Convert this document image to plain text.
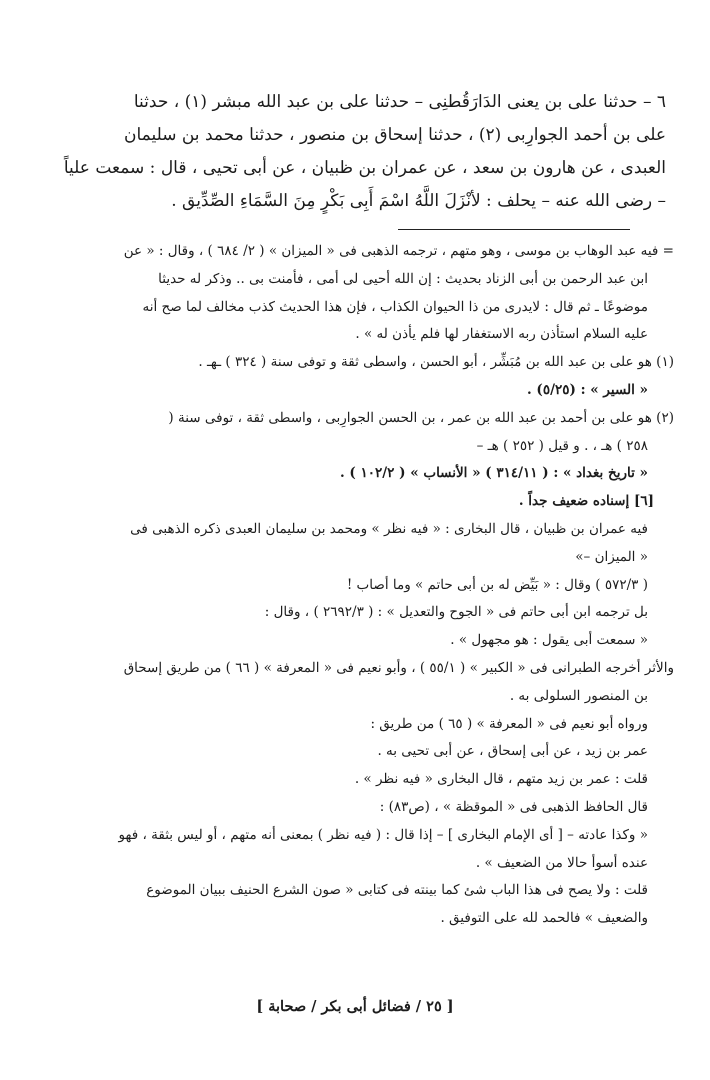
٦ – حدثنا على بن يعنى الدَارَقُطنِى – حدثنا على بن عبد الله مبشر (١) ، حدثنا

على بن أحمد الجوارِبى (٢) ، حدثنا إسحاق بن منصور ، حدثنا محمد بن سليمان

العبدى ، عن هارون بن سعد ، عن عمران بن ظبيان ، عن أبى تحيى ، قال : سمعت علياً

– رضى الله عنه – يحلف : لأنْزَلَ اللَّهُ اسْمَ أَبِى بَكْرٍ مِنَ السَّمَاءِ الصِّدِّيق .

= فيه عبد الوهاب بن موسى ، وهو متهم ، ترجمه الذهبى فى « الميزان » ( ٢/ ٦٨٤ ) ، وقال : « عن

ابن عبد الرحمن بن أبى الزناد بحديث : إن الله أحيى لى أمى ، فأمنت بى .. وذكر له حديثا

موضوعًا ـ ثم قال : لايدرى من ذا الحيوان الكذاب ، فإن هذا الحديث كذب مخالف لما صح أنه

عليه السلام استأذن ربه الاستغفار لها فلم يأذن له » .

(١) هو على بن عبد الله بن مُبَشِّر ، أبو الحسن ، واسطى ثقة و توفى سنة ( ٣٢٤ ) ـهـ .

« السير » : (٥/٢٥) .

(٢) هو على بن أحمد بن عبد الله بن عمر ، بن الحسن الجوارِبى ، واسطى ثقة ، توفى سنة (

٢٥٨ ) هـ ، . و قيل ( ٢٥٢ ) هـ –

« تاريخ بغداد » : ( ٣١٤/١١ ) « الأنساب » ( ١٠٢/٢ ) .

[٦] إسناده ضعيف جداً .

فيه عمران بن ظبيان ، قال البخارى : « فيه نظر » ومحمد بن سليمان العبدى ذكره الذهبى فى

« الميزان –»

( ٥٧٢/٣ ) وقال : « بَيِّض له بن أبى حاتم » وما أصاب !

بل ترجمه ابن أبى حاتم فى « الجوح والتعديل » : ( ٢٦٩٢/٣ ) ، وقال :

« سمعت أبى يقول : هو مجهول » .

والأثر أخرجه الطبرانى فى « الكبير » ( ٥٥/١ ) ، وأبو نعيم فى « المعرفة » ( ٦٦ ) من طريق إسحاق

بن المنصور السلولى به .

ورواه أبو نعيم فى « المعرفة » ( ٦٥ ) من طريق :

عمر بن زيد ، عن أبى إسحاق ، عن أبى تحيى به .

قلت : عمر بن زيد متهم ، قال البخارى « فيه نظر » .

قال الحافظ الذهبى فى « الموقظة » ، (ص٨٣) :

« وكذا عادته – [ أى الإمام البخارى ] – إذا قال : ( فيه نظر ) بمعنى أنه متهم ، أو ليس بثقة ، فهو

عنده أسوأ حالا من الضعيف » .

قلت : ولا يصح فى هذا الباب شئ كما بينته فى كتابى « صون الشرع الحنيف ببيان الموضوع

والضعيف » فالحمد لله على التوفيق .

[ ٢٥ / فضائل أبى بكر / صحابة ]
